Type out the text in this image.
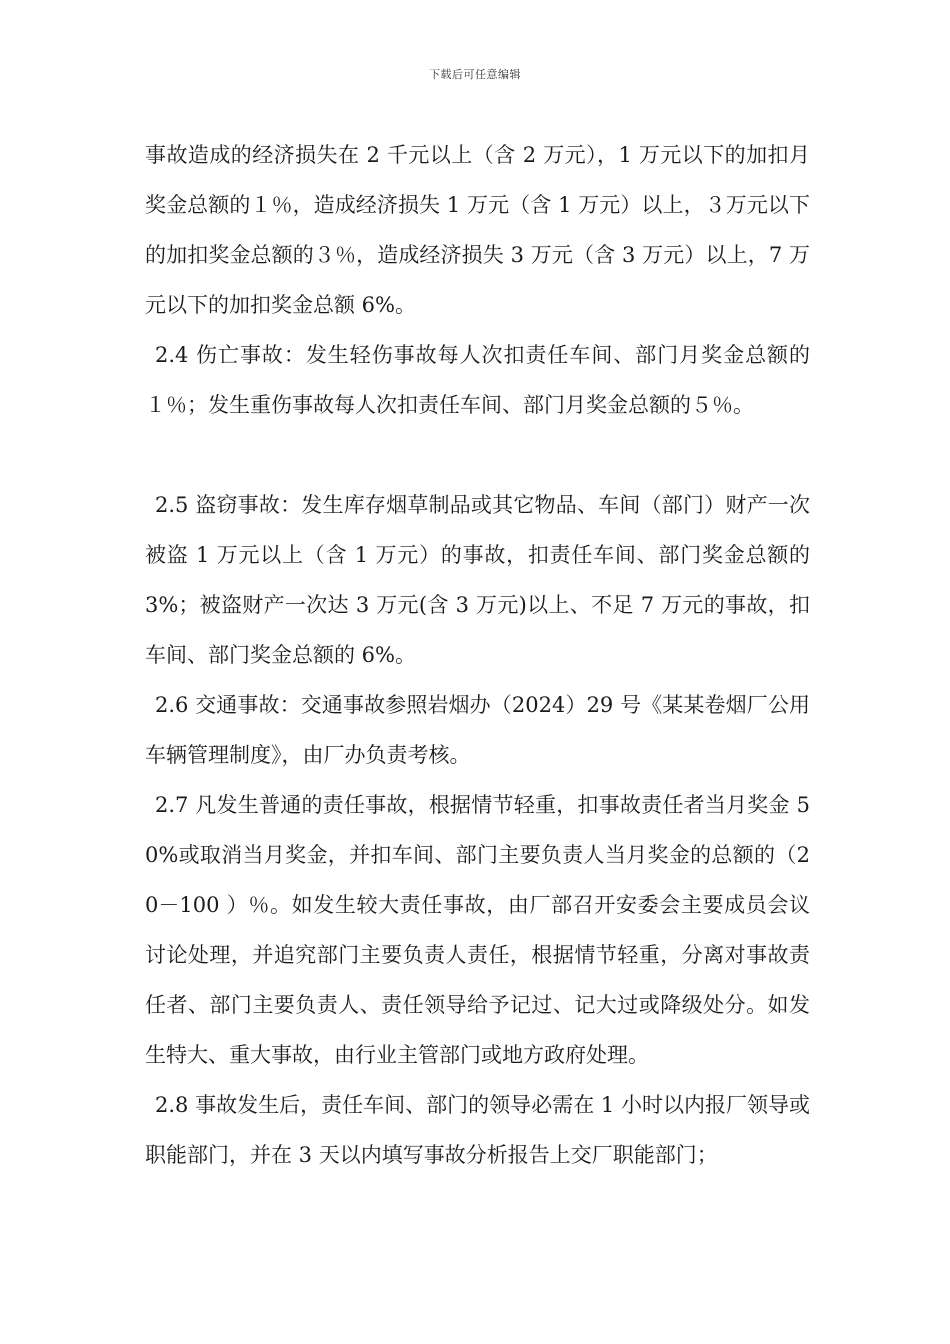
下载后可任意编辑

事故造成的经济损失在 2 千元以上（含 2 万元），1 万元以下的加扣月奖金总额的１％，造成经济损失 1 万元（含 1 万元）以上，３万元以下的加扣奖金总额的３％，造成经济损失 3 万元（含 3 万元）以上，7 万元以下的加扣奖金总额 6%。

2.4 伤亡事故：发生轻伤事故每人次扣责任车间、部门月奖金总额的１％；发生重伤事故每人次扣责任车间、部门月奖金总额的５％。

2.5 盗窃事故：发生库存烟草制品或其它物品、车间（部门）财产一次被盗 1 万元以上（含 1 万元）的事故，扣责任车间、部门奖金总额的 3%；被盗财产一次达 3 万元(含 3 万元)以上、不足 7 万元的事故，扣车间、部门奖金总额的 6%。

2.6 交通事故：交通事故参照岩烟办（2024）29 号《某某卷烟厂公用车辆管理制度》，由厂办负责考核。

2.7 凡发生普通的责任事故，根据情节轻重，扣事故责任者当月奖金 50%或取消当月奖金，并扣车间、部门主要负责人当月奖金的总额的（20－100 ）％。如发生较大责任事故，由厂部召开安委会主要成员会议讨论处理，并追究部门主要负责人责任，根据情节轻重，分离对事故责任者、部门主要负责人、责任领导给予记过、记大过或降级处分。如发生特大、重大事故，由行业主管部门或地方政府处理。

2.8 事故发生后，责任车间、部门的领导必需在 1 小时以内报厂领导或职能部门，并在 3 天以内填写事故分析报告上交厂职能部门；
